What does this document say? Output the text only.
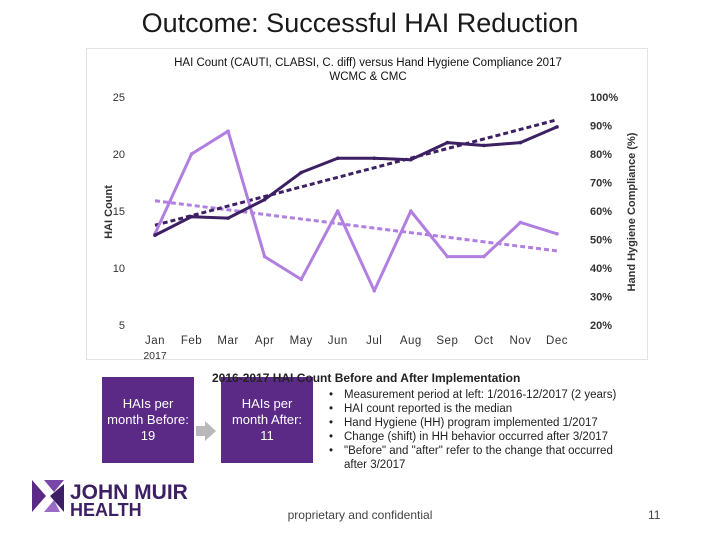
Outcome: Successful HAI Reduction
HAI Count (CAUTI, CLABSI, C. diff) versus Hand Hygiene Compliance 2017
WCMC & CMC
5
10
15
20
25
20%
30%
40%
50%
60%
70%
80%
90%
100%
HAI Count	Hand Hygiene Compliance (%)
Jan Feb Mar Apr May Jun Jul Aug Sep Oct Nov Dec
2017
HAIs per month Before: 19
HAIs per month After: 11
2016-2017 HAI Count Before and After Implementation
• Measurement period at left: 1/2016-12/2017 (2 years)
• HAI count reported is the median
• Hand Hygiene (HH) program implemented 1/2017
• Change (shift) in HH behavior occurred after 3/2017
• "Before" and "after" refer to the change that occurred after 3/2017
JOHN MUIR
HEALTH	proprietary and confidential	11
